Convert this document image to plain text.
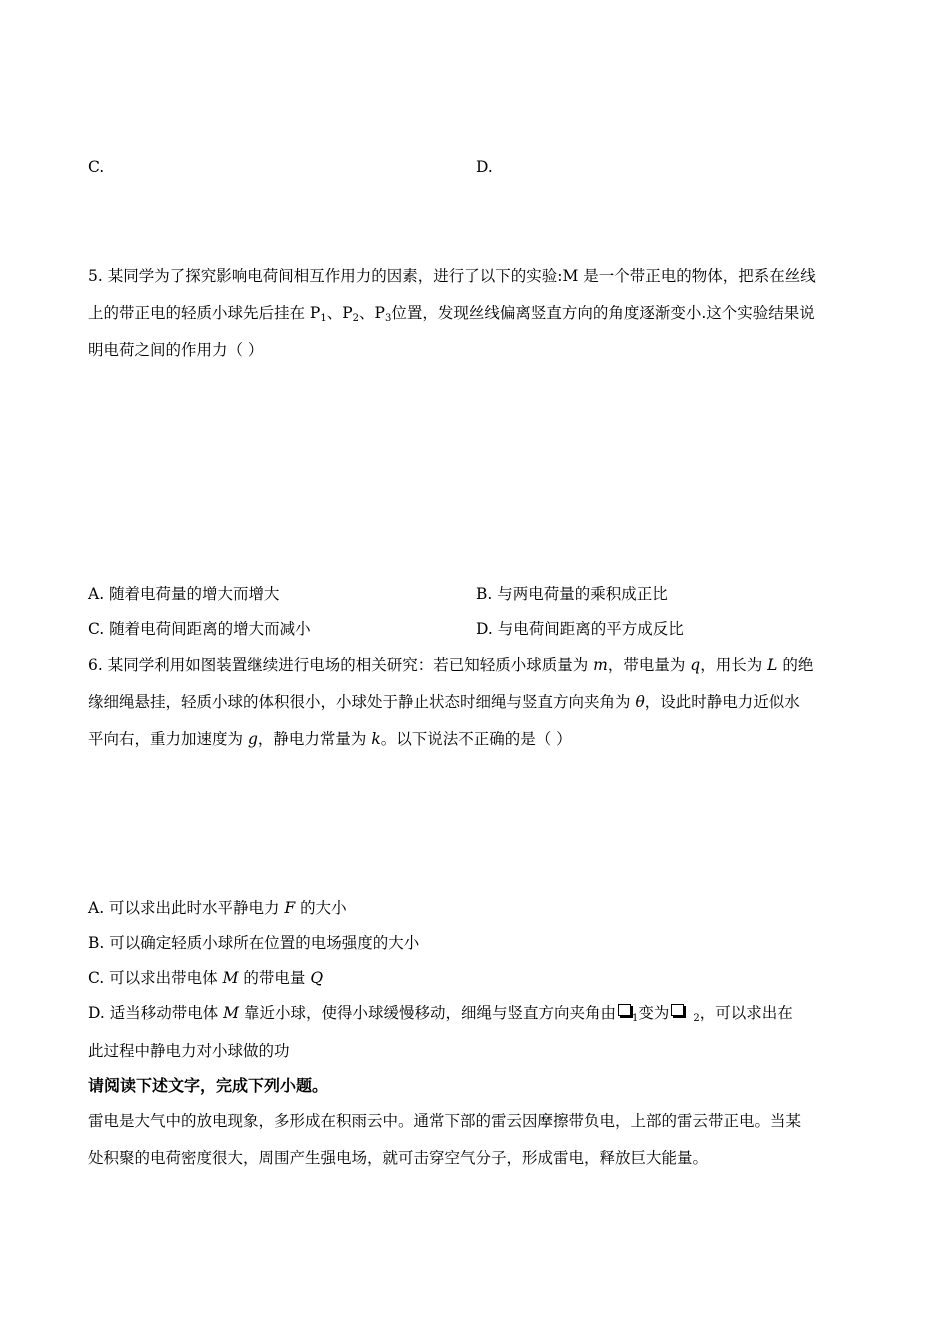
C.	D.
5. 某同学为了探究影响电荷间相互作用力的因素，进行了以下的实验:M 是一个带正电的物体，把系在丝线
上的带正电的轻质小球先后挂在 $P_1$、$P_2$、$P_3$位置，发现丝线偏离竖直方向的角度逐渐变小.这个实验结果说
明电荷之间的作用力（ ）
A. 随着电荷量的增大而增大	B. 与两电荷量的乘积成正比
C. 随着电荷间距离的增大而减小	D. 与电荷间距离的平方成反比
6. 某同学利用如图装置继续进行电场的相关研究：若已知轻质小球质量为 m，带电量为 q，用长为 L 的绝
缘细绳悬挂，轻质小球的体积很小，小球处于静止状态时细绳与竖直方向夹角为 θ，设此时静电力近似水
平向右，重力加速度为 g，静电力常量为 k。以下说法不正确的是（ ）
A. 可以求出此时水平静电力 F 的大小
B. 可以确定轻质小球所在位置的电场强度的大小
C. 可以求出带电体 M 的带电量 Q
D. 适当移动带电体 M 靠近小球，使得小球缓慢移动，细绳与竖直方向夹角由 $_1$变为 $_2$，可以求出在
此过程中静电力对小球做的功
请阅读下述文字，完成下列小题。
雷电是大气中的放电现象，多形成在积雨云中。通常下部的雷云因摩擦带负电，上部的雷云带正电。当某
处积聚的电荷密度很大，周围产生强电场，就可击穿空气分子，形成雷电，释放巨大能量。
